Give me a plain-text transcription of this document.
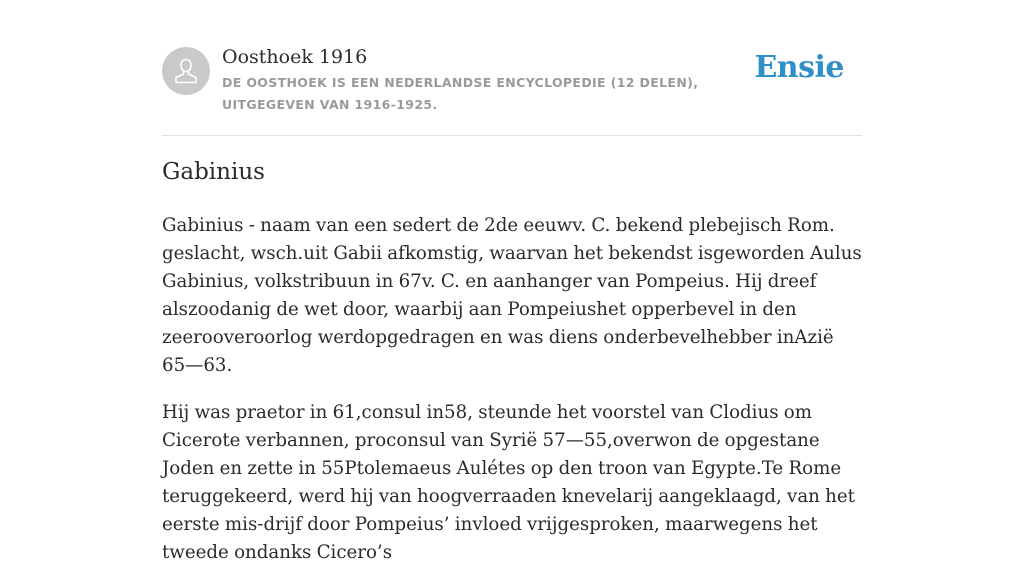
Oosthoek 1916
DE OOSTHOEK IS EEN NEDERLANDSE ENCYCLOPEDIE (12 DELEN), UITGEGEVEN VAN 1916-1925.
Ensie
Gabinius

Gabinius - naam van een sedert de 2de eeuwv. C. bekend plebejisch Rom. geslacht, wsch.uit Gabii afkomstig, waarvan het bekendst isgeworden Aulus Gabinius, volkstribuun in 67v. C. en aanhanger van Pompeius. Hij dreef alszoodanig de wet door, waarbij aan Pompeiushet opperbevel in den zeerooveroorlog werdopgedragen en was diens onderbevelhebber inAzië 65—63.

Hij was praetor in 61,consul in58, steunde het voorstel van Clodius om Cicerote verbannen, proconsul van Syrië 57—55,overwon de opgestane Joden en zette in 55Ptolemaeus Aulétes op den troon van Egypte.Te Rome teruggekeerd, werd hij van hoogverraaden knevelarij aangeklaagd, van het eerste mis-drijf door Pompeius’ invloed vrijgesproken, maarwegens het tweede ondanks Cicero’s
